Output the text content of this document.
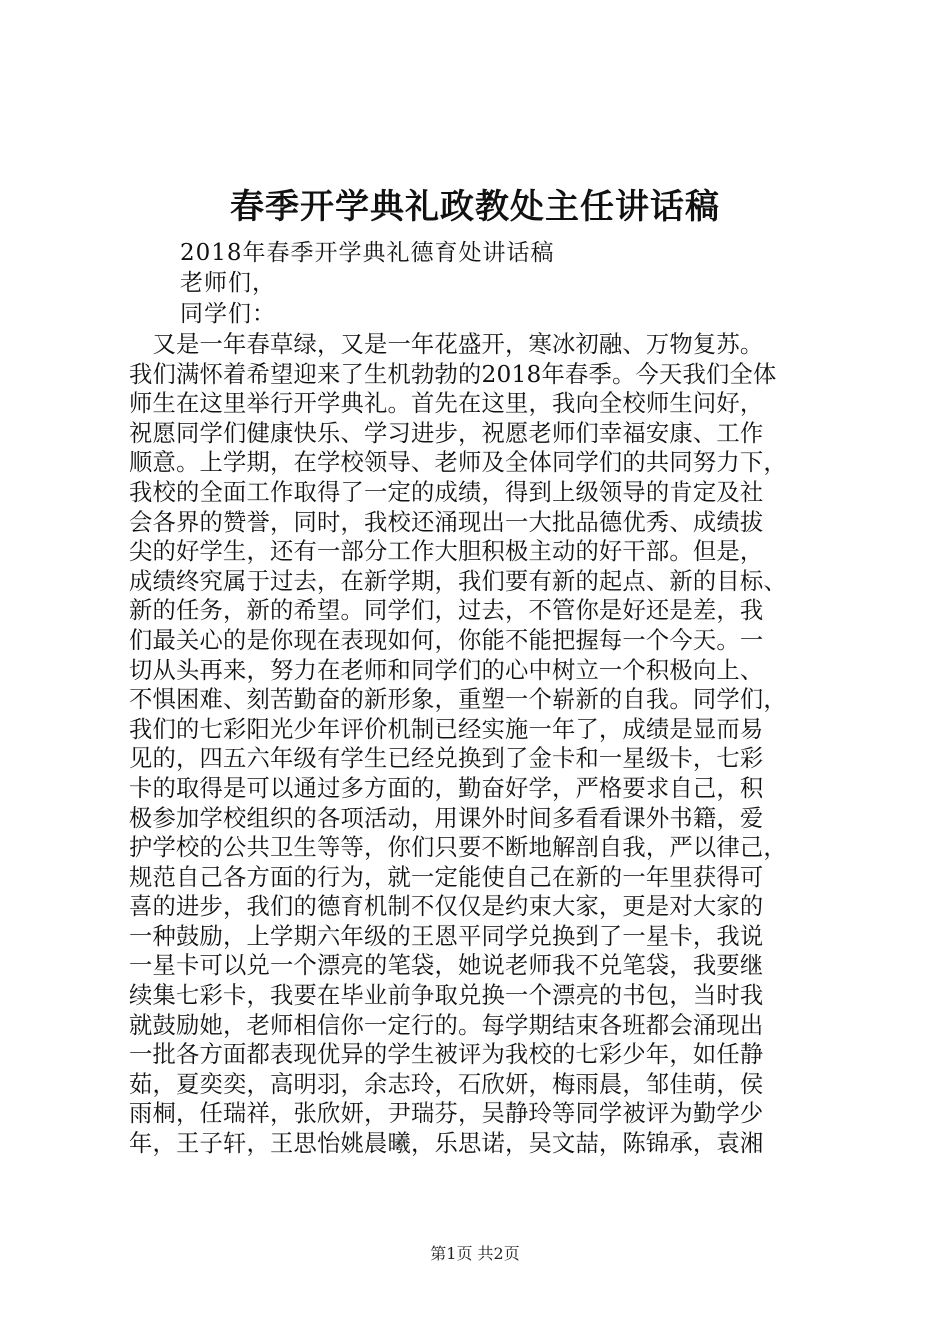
春季开学典礼政教处主任讲话稿

2018年春季开学典礼德育处讲话稿

老师们，

同学们：

　又是一年春草绿，又是一年花盛开，寒冰初融、万物复苏。
我们满怀着希望迎来了生机勃勃的2018年春季。今天我们全体
师生在这里举行开学典礼。首先在这里，我向全校师生问好，
祝愿同学们健康快乐、学习进步，祝愿老师们幸福安康、工作
顺意。上学期，在学校领导、老师及全体同学们的共同努力下，
我校的全面工作取得了一定的成绩，得到上级领导的肯定及社
会各界的赞誉，同时，我校还涌现出一大批品德优秀、成绩拔
尖的好学生，还有一部分工作大胆积极主动的好干部。但是，
成绩终究属于过去，在新学期，我们要有新的起点、新的目标、
新的任务，新的希望。同学们，过去，不管你是好还是差，我
们最关心的是你现在表现如何，你能不能把握每一个今天。一
切从头再来，努力在老师和同学们的心中树立一个积极向上、
不惧困难、刻苦勤奋的新形象，重塑一个崭新的自我。同学们，
我们的七彩阳光少年评价机制已经实施一年了，成绩是显而易
见的，四五六年级有学生已经兑换到了金卡和一星级卡，七彩
卡的取得是可以通过多方面的，勤奋好学，严格要求自己，积
极参加学校组织的各项活动，用课外时间多看看课外书籍，爱
护学校的公共卫生等等，你们只要不断地解剖自我，严以律己，
规范自己各方面的行为，就一定能使自己在新的一年里获得可
喜的进步，我们的德育机制不仅仅是约束大家，更是对大家的
一种鼓励，上学期六年级的王恩平同学兑换到了一星卡，我说
一星卡可以兑一个漂亮的笔袋，她说老师我不兑笔袋，我要继
续集七彩卡，我要在毕业前争取兑换一个漂亮的书包，当时我
就鼓励她，老师相信你一定行的。每学期结束各班都会涌现出
一批各方面都表现优异的学生被评为我校的七彩少年，如任静
茹，夏奕奕，高明羽，余志玲，石欣妍，梅雨晨，邹佳萌，侯
雨桐，任瑞祥，张欣妍，尹瑞芬，吴静玲等同学被评为勤学少
年，王子轩，王思怡姚晨曦，乐思诺，吴文喆，陈锦承，袁湘
第1页 共2页
